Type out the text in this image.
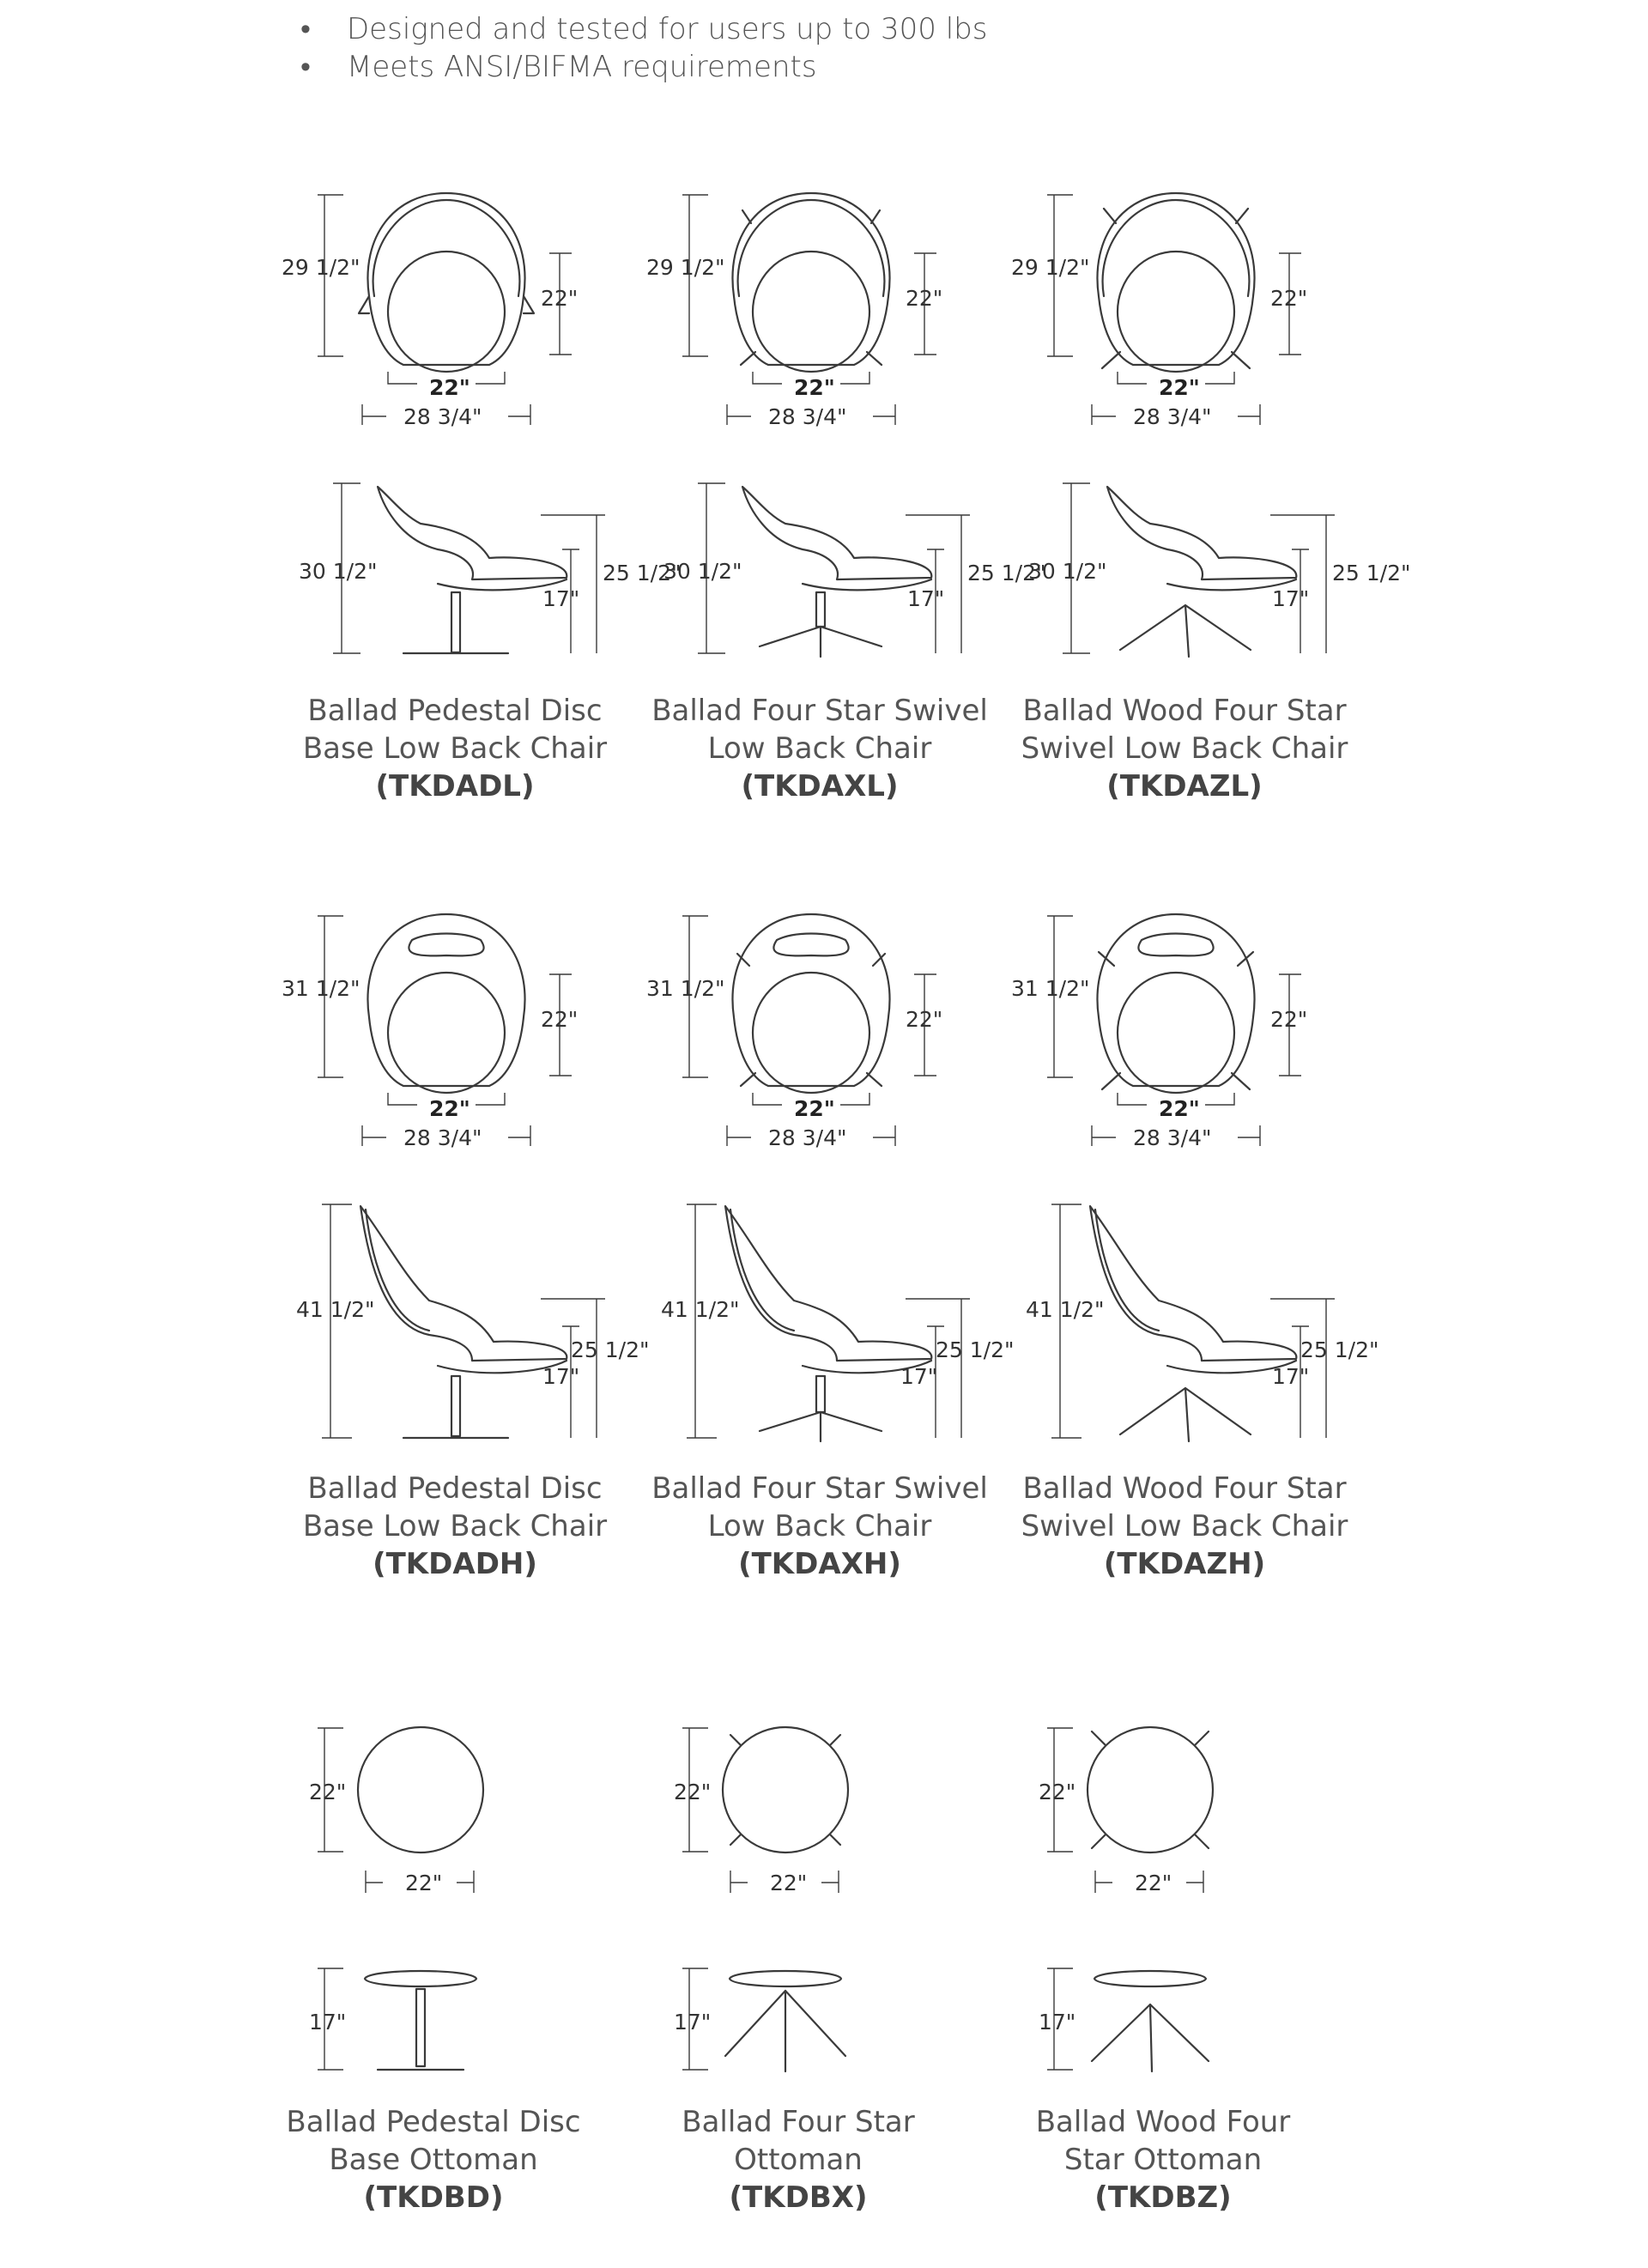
• Designed and tested for users up to 300 lbs
• Meets ANSI/BIFMA requirements
29 1/2"
22"
22"
28 3/4"
29 1/2"
22"
22"
28 3/4"
29 1/2"
22"
22"
28 3/4"
30 1/2"	25 1/2"
17"
30 1/2"	25 1/2"
17"
30 1/2"	25 1/2"
17"
Ballad Pedestal Disc
Base Low Back Chair
(TKDADL)
Ballad Four Star Swivel
Low Back Chair
(TKDAXL)
Ballad Wood Four Star
Swivel Low Back Chair
(TKDAZL)
31 1/2"
22"
22"
28 3/4"
31 1/2"
22"
22"
28 3/4"
31 1/2"
22"
22"
28 3/4"
41 1/2"
25 1/2"
17"
41 1/2"
25 1/2"
17"
41 1/2"
25 1/2"
17"
Ballad Pedestal Disc
Base Low Back Chair
(TKDADH)
Ballad Four Star Swivel
Low Back Chair
(TKDAXH)
Ballad Wood Four Star
Swivel Low Back Chair
(TKDAZH)
22"
22"
22"
22"
22"
22"
17"	17"	17"
Ballad Pedestal Disc
Base Ottoman
(TKDBD)
Ballad Four Star
Ottoman
(TKDBX)
Ballad Wood Four
Star Ottoman
(TKDBZ)
